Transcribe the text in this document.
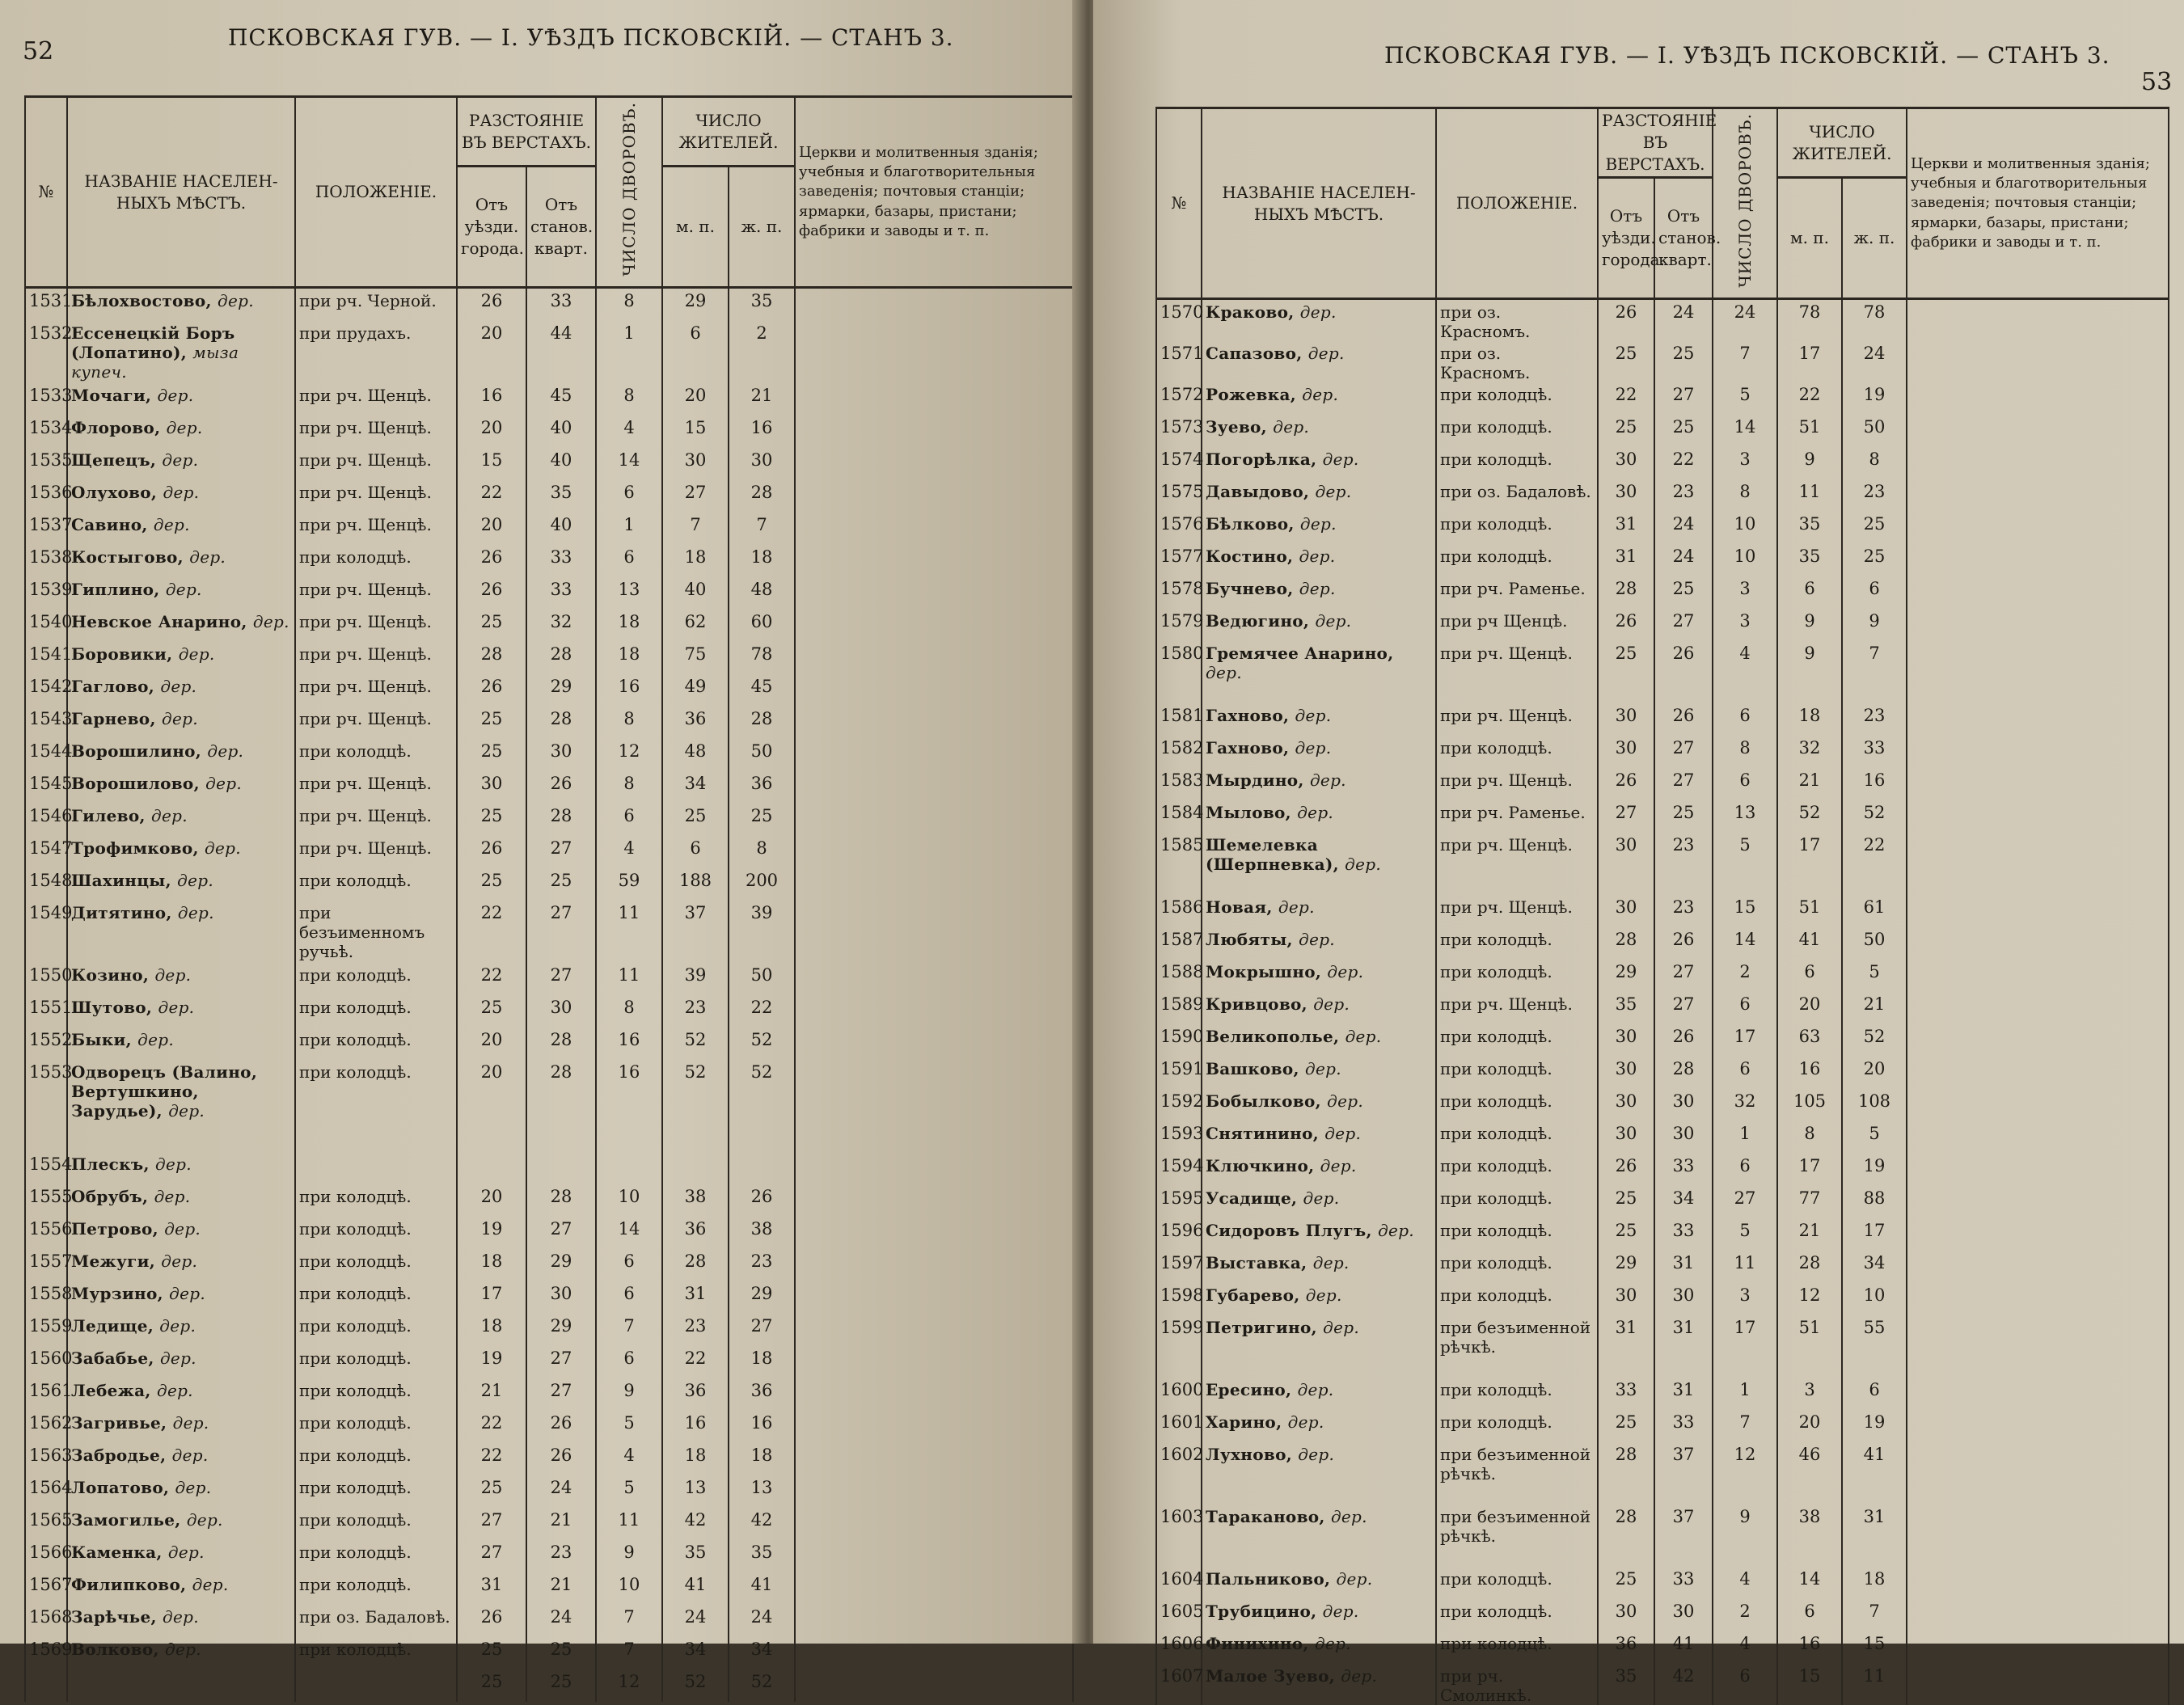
52	ПСКОВСКАЯ ГУВ. — I. УѢЗДЪ ПСКОВСКІЙ. — СТАНЪ 3.
№	НАЗВАНІЕ НАСЕЛЕН-НЫХЪ МѢСТЪ.	ПОЛОЖЕНІЕ.	РАЗСТОЯНІЕ ВЪ ВЕРСТАХЪ.		ЧИСЛО ДВОРОВЪ.	ЧИСЛО ЖИТЕЛЕЙ.		Церкви и молитвенныя зданія; учебныя и благотворительныя заведенія; почтовыя станціи; ярмарки, базары, пристани; фабрики и заводы и т. п.
			Отъ уѣзди. города.	Отъ станов. кварт.		м. п.	ж. п.	
1531	Бѣлохвостово, дер.	при рч. Черной.	26	33	8	29	35	
1532	Ессенецкій Боръ (Лопатино), мыза купеч.	при прудахъ.	20	44	1	6	2	
1533	Мочаги, дер.	при рч. Щенцѣ.	16	45	8	20	21	
1534	Флорово, дер.	при рч. Щенцѣ.	20	40	4	15	16	
1535	Щепецъ, дер.	при рч. Щенцѣ.	15	40	14	30	30	
1536	Олухово, дер.	при рч. Щенцѣ.	22	35	6	27	28	
1537	Савино, дер.	при рч. Щенцѣ.	20	40	1	7	7	
1538	Костыгово, дер.	при колодцѣ.	26	33	6	18	18	
1539	Гиплино, дер.	при рч. Щенцѣ.	26	33	13	40	48	
1540	Невское Анарино, дер.	при рч. Щенцѣ.	25	32	18	62	60	
1541	Боровики, дер.	при рч. Щенцѣ.	28	28	18	75	78	
1542	Гаглово, дер.	при рч. Щенцѣ.	26	29	16	49	45	
1543	Гарнево, дер.	при рч. Щенцѣ.	25	28	8	36	28	
1544	Ворошилино, дер.	при колодцѣ.	25	30	12	48	50	
1545	Ворошилово, дер.	при рч. Щенцѣ.	30	26	8	34	36	
1546	Гилево, дер.	при рч. Щенцѣ.	25	28	6	25	25	
1547	Трофимково, дер.	при рч. Щенцѣ.	26	27	4	6	8	
1548	Шахинцы, дер.	при колодцѣ.	25	25	59	188	200	
1549	Дитятино, дер.	при безъименномъ ручьѣ.	22	27	11	37	39	
1550	Козино, дер.	при колодцѣ.	22	27	11	39	50	
1551	Шутово, дер.	при колодцѣ.	25	30	8	23	22	
1552	Быки, дер.	при колодцѣ.	20	28	16	52	52	
1553	Одворецъ (Валино, Вертушкино, Зарудье), дер.	при колодцѣ.	20	28	16	52	52	
1554	Плескъ, дер.							
1555	Обрубъ, дер.	при колодцѣ.	20	28	10	38	26	
1556	Петрово, дер.	при колодцѣ.	19	27	14	36	38	
1557	Межуги, дер.	при колодцѣ.	18	29	6	28	23	
1558	Мурзино, дер.	при колодцѣ.	17	30	6	31	29	
1559	Ледище, дер.	при колодцѣ.	18	29	7	23	27	
1560	Забабье, дер.	при колодцѣ.	19	27	6	22	18	
1561	Лебежа, дер.	при колодцѣ.	21	27	9	36	36	
1562	Загривье, дер.	при колодцѣ.	22	26	5	16	16	
1563	Забродье, дер.	при колодцѣ.	22	26	4	18	18	
1564	Лопатово, дер.	при колодцѣ.	25	24	5	13	13	
1565	Замогилье, дер.	при колодцѣ.	27	21	11	42	42	
1566	Каменка, дер.	при колодцѣ.	27	23	9	35	35	
1567	Филипково, дер.	при колодцѣ.	31	21	10	41	41	
1568	Зарѣчье, дер.	при оз. Бадаловѣ.	26	24	7	24	24	
1569	Волково, дер.	при колодцѣ.	25	25	7	34	34	
			25	25	12	52	52	
ПСКОВСКАЯ ГУВ. — I. УѢЗДЪ ПСКОВСКІЙ. — СТАНЪ 3.
53
№	НАЗВАНІЕ НАСЕЛЕН-НЫХЪ МѢСТЪ.	ПОЛОЖЕНІЕ.	РАЗСТОЯНІЕ ВЪ ВЕРСТАХЪ.		ЧИСЛО ДВОРОВЪ.	ЧИСЛО ЖИТЕЛЕЙ.		Церкви и молитвенныя зданія; учебныя и благотворительныя заведенія; почтовыя станціи; ярмарки, базары, пристани; фабрики и заводы и т. п.
			Отъ уѣзди. города.	Отъ станов. кварт.		м. п.	ж. п.	
1570	Краково, дер.	при оз. Красномъ.	26	24	24	78	78	
1571	Сапазово, дер.	при оз. Красномъ.	25	25	7	17	24	
1572	Рожевка, дер.	при колодцѣ.	22	27	5	22	19	
1573	Зуево, дер.	при колодцѣ.	25	25	14	51	50	
1574	Погорѣлка, дер.	при колодцѣ.	30	22	3	9	8	
1575	Давыдово, дер.	при оз. Бадаловѣ.	30	23	8	11	23	
1576	Бѣлково, дер.	при колодцѣ.	31	24	10	35	25	
1577	Костино, дер.	при колодцѣ.	31	24	10	35	25	
1578	Бучнево, дер.	при рч. Раменье.	28	25	3	6	6	
1579	Ведюгино, дер.	при рч Щенцѣ.	26	27	3	9	9	
1580	Гремячее Анарино, дер.	при рч. Щенцѣ.	25	26	4	9	7	
1581	Гахново, дер.	при рч. Щенцѣ.	30	26	6	18	23	
1582	Гахново, дер.	при колодцѣ.	30	27	8	32	33	
1583	Мырдино, дер.	при рч. Щенцѣ.	26	27	6	21	16	
1584	Мылово, дер.	при рч. Раменье.	27	25	13	52	52	
1585	Шемелевка (Шерпневка), дер.	при рч. Щенцѣ.	30	23	5	17	22	
1586	Новая, дер.	при рч. Щенцѣ.	30	23	15	51	61	
1587	Любяты, дер.	при колодцѣ.	28	26	14	41	50	
1588	Мокрышно, дер.	при колодцѣ.	29	27	2	6	5	
1589	Кривцово, дер.	при рч. Щенцѣ.	35	27	6	20	21	
1590	Великополье, дер.	при колодцѣ.	30	26	17	63	52	
1591	Вашково, дер.	при колодцѣ.	30	28	6	16	20	
1592	Бобылково, дер.	при колодцѣ.	30	30	32	105	108	
1593	Снятинино, дер.	при колодцѣ.	30	30	1	8	5	
1594	Ключкино, дер.	при колодцѣ.	26	33	6	17	19	
1595	Усадище, дер.	при колодцѣ.	25	34	27	77	88	
1596	Сидоровъ Плугъ, дер.	при колодцѣ.	25	33	5	21	17	
1597	Выставка, дер.	при колодцѣ.	29	31	11	28	34	
1598	Губарево, дер.	при колодцѣ.	30	30	3	12	10	
1599	Петригино, дер.	при безъименной рѣчкѣ.	31	31	17	51	55	
1600	Ересино, дер.	при колодцѣ.	33	31	1	3	6	
1601	Харино, дер.	при колодцѣ.	25	33	7	20	19	
1602	Лухново, дер.	при безъименной рѣчкѣ.	28	37	12	46	41	
1603	Тараканово, дер.	при безъименной рѣчкѣ.	28	37	9	38	31	
1604	Пальниково, дер.	при колодцѣ.	25	33	4	14	18	
1605	Трубицино, дер.	при колодцѣ.	30	30	2	6	7	
1606	Финихино, дер.	при колодцѣ.	36	41	4	16	15	
1607	Малое Зуево, дер.	при рч. Смолинкѣ.	35	42	6	15	11	
